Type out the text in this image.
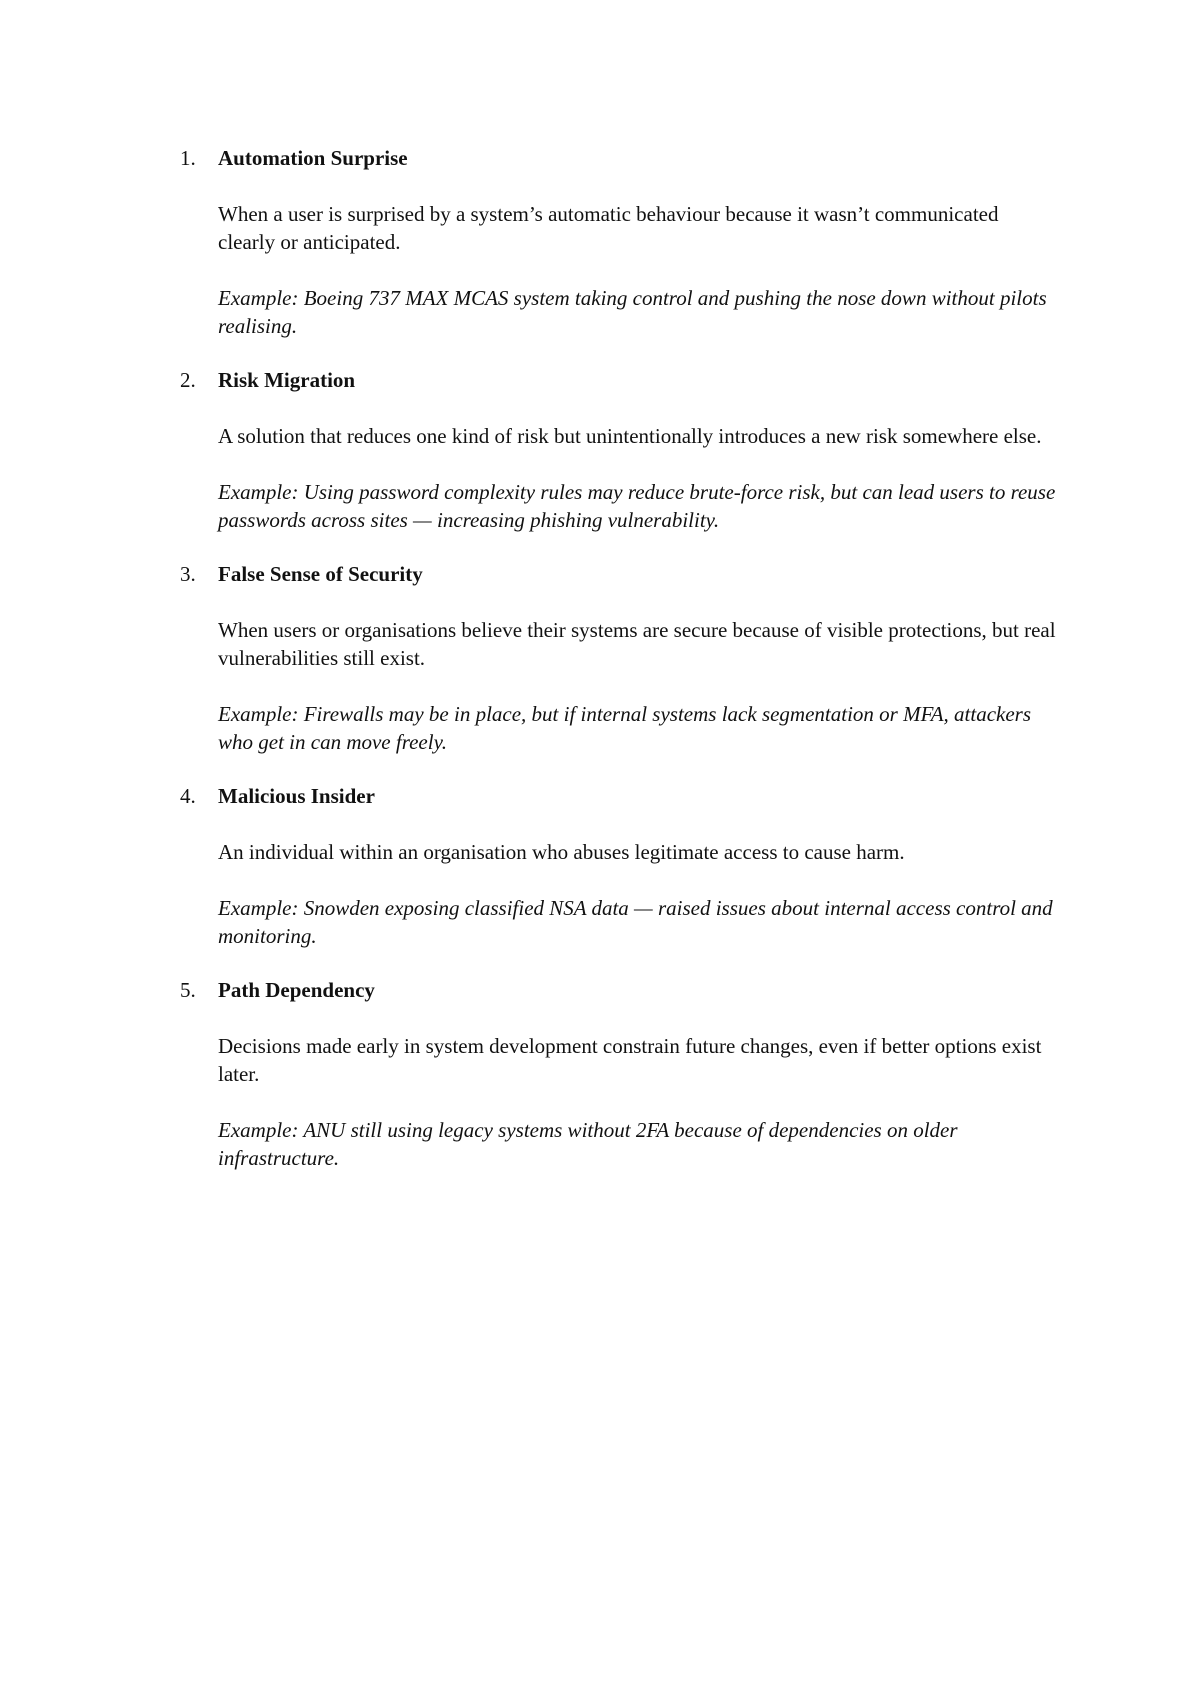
1. Automation Surprise

When a user is surprised by a system’s automatic behaviour because it wasn’t communicated clearly or anticipated.

Example: Boeing 737 MAX MCAS system taking control and pushing the nose down without pilots realising.

2. Risk Migration

A solution that reduces one kind of risk but unintentionally introduces a new risk somewhere else.

Example: Using password complexity rules may reduce brute-force risk, but can lead users to reuse passwords across sites — increasing phishing vulnerability.

3. False Sense of Security

When users or organisations believe their systems are secure because of visible protections, but real vulnerabilities still exist.

Example: Firewalls may be in place, but if internal systems lack segmentation or MFA, attackers who get in can move freely.

4. Malicious Insider

An individual within an organisation who abuses legitimate access to cause harm.

Example: Snowden exposing classified NSA data — raised issues about internal access control and monitoring.

5. Path Dependency

Decisions made early in system development constrain future changes, even if better options exist later.

Example: ANU still using legacy systems without 2FA because of dependencies on older infrastructure.
